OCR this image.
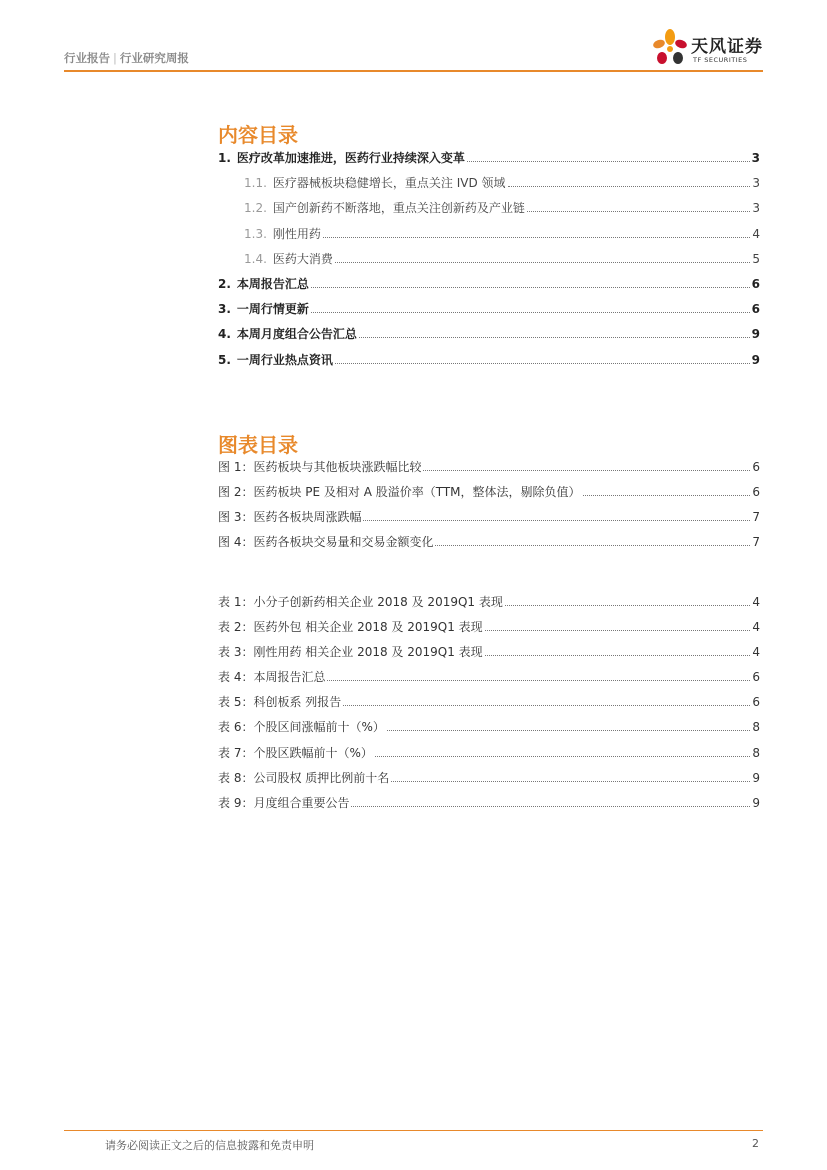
行业报告 | 行业研究周报
天风证券
TF SECURITIES
内容目录
1. 医疗改革加速推进，医药行业持续深入变革	3
1.1. 医疗器械板块稳健增长，重点关注 IVD 领域	3
1.2. 国产创新药不断落地，重点关注创新药及产业链	3
1.3. 刚性用药	4
1.4. 医药大消费	5
2. 本周报告汇总	6
3. 一周行情更新	6
4. 本周月度组合公告汇总	9
5. 一周行业热点资讯	9
图表目录
图 1：医药板块与其他板块涨跌幅比较	6
图 2：医药板块 PE 及相对 A 股溢价率（TTM，整体法，剔除负值）	6
图 3：医药各板块周涨跌幅	7
图 4：医药各板块交易量和交易金额变化	7
表 1：小分子创新药相关企业 2018 及 2019Q1 表现	4
表 2：医药外包 相关企业 2018 及 2019Q1 表现	4
表 3：刚性用药 相关企业 2018 及 2019Q1 表现	4
表 4：本周报告汇总	6
表 5：科创板系 列报告	6
表 6：个股区间涨幅前十（%）	8
表 7：个股区跌幅前十（%）	8
表 8：公司股权 质押比例前十名	9
表 9：月度组合重要公告	9
请务必阅读正文之后的信息披露和免责申明	2
